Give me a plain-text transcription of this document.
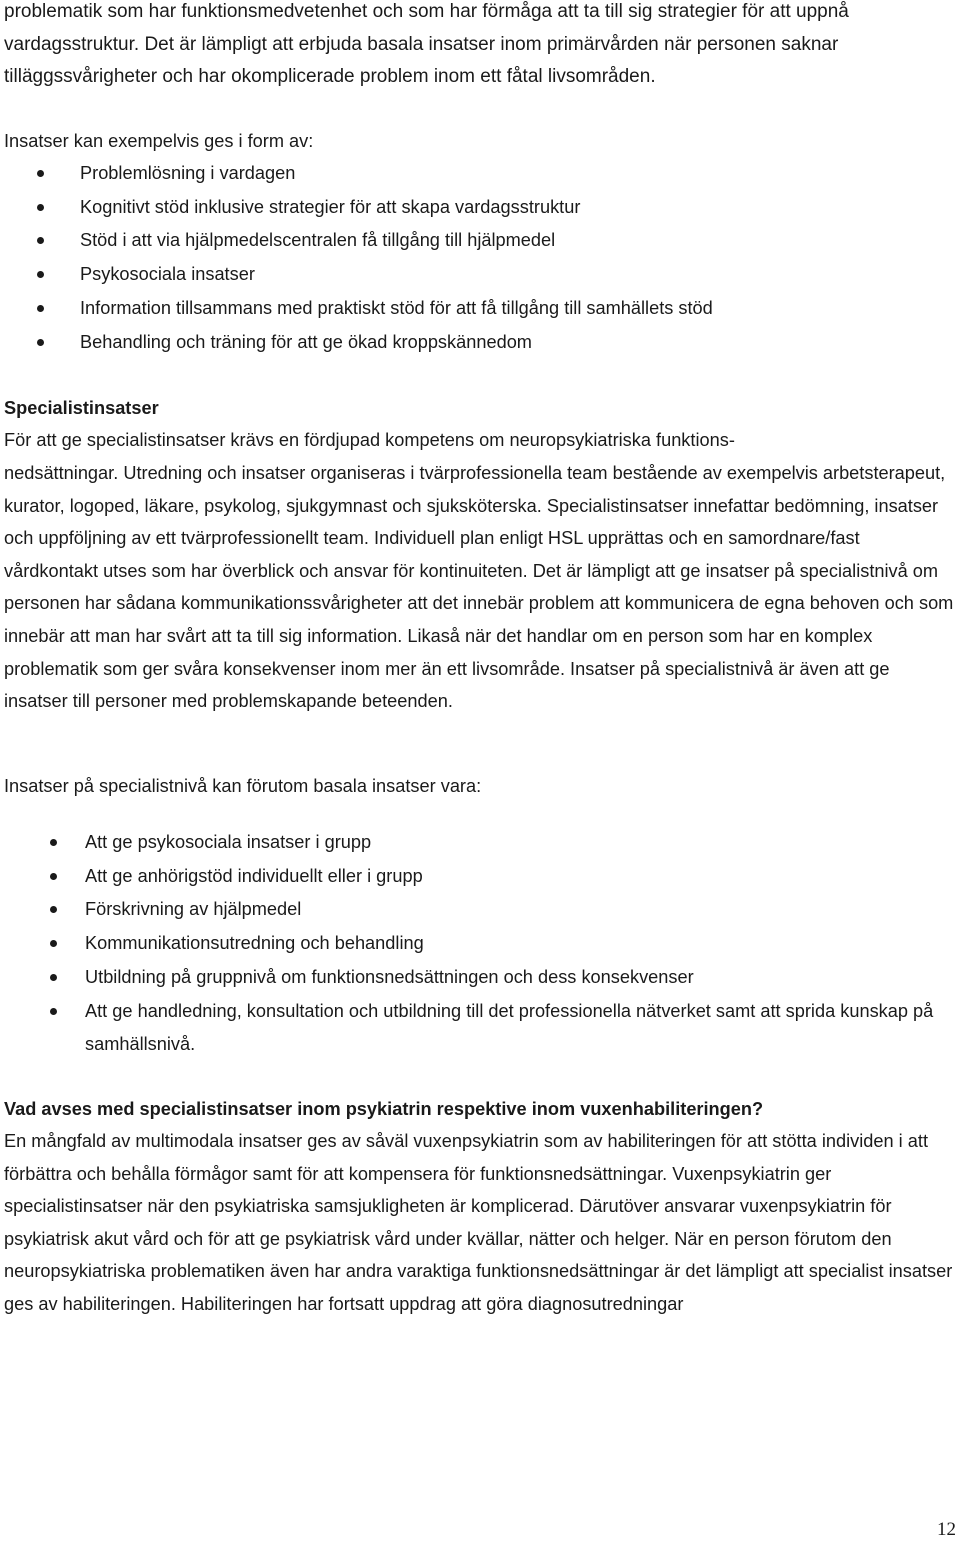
problematik som har funktionsmedvetenhet och som har förmåga att ta till sig strategier för att uppnå vardagsstruktur. Det är lämpligt att erbjuda basala insatser inom primärvården när personen saknar tilläggssvårigheter och har okomplicerade problem inom ett fåtal livsområden.

Insatser kan exempelvis ges i form av:

Problemlösning i vardagen
Kognitivt stöd inklusive strategier för att skapa vardagsstruktur
Stöd i att via hjälpmedelscentralen få tillgång till hjälpmedel
Psykosociala insatser
Information tillsammans med praktiskt stöd för att få tillgång till samhällets stöd
Behandling och träning för att ge ökad kroppskännedom
Specialistinsatser

För att ge specialistinsatser krävs en fördjupad kompetens om neuropsykiatriska funktions-

nedsättningar. Utredning och insatser organiseras i tvärprofessionella team bestående av exempelvis arbetsterapeut, kurator, logoped, läkare, psykolog, sjukgymnast och sjuksköterska. Specialistinsatser innefattar bedömning, insatser och uppföljning av ett tvärprofessionellt team. Individuell plan enligt HSL upprättas och en samordnare/fast vårdkontakt utses som har överblick och ansvar för kontinuiteten. Det är lämpligt att ge insatser på specialistnivå om personen har sådana kommunikationssvårigheter att det innebär problem att kommunicera de egna behoven och som innebär att man har svårt att ta till sig information. Likaså när det handlar om en person som har en komplex problematik som ger svåra konsekvenser inom mer än ett livsområde. Insatser på specialistnivå är även att ge insatser till personer med problemskapande beteenden.

Insatser på specialistnivå kan förutom basala insatser vara:

Att ge psykosociala insatser i grupp
Att ge anhörigstöd individuellt eller i grupp
Förskrivning av hjälpmedel
Kommunikationsutredning och behandling
Utbildning på gruppnivå om funktionsnedsättningen och dess konsekvenser
Att ge handledning, konsultation och utbildning till det professionella nätverket samt att sprida kunskap på samhällsnivå.
Vad avses med specialistinsatser inom psykiatrin respektive inom vuxenhabiliteringen?

En mångfald av multimodala insatser ges av såväl vuxenpsykiatrin som av habiliteringen för att stötta individen i att förbättra och behålla förmågor samt för att kompensera för funktionsnedsättningar. Vuxenpsykiatrin ger specialistinsatser när den psykiatriska samsjukligheten är komplicerad. Därutöver ansvarar vuxenpsykiatrin för psykiatrisk akut vård och för att ge psykiatrisk vård under kvällar, nätter och helger. När en person förutom den neuropsykiatriska problematiken även har andra varaktiga funktionsnedsättningar är det lämpligt att specialist insatser ges av habiliteringen. Habiliteringen har fortsatt uppdrag att göra diagnosutredningar

12
